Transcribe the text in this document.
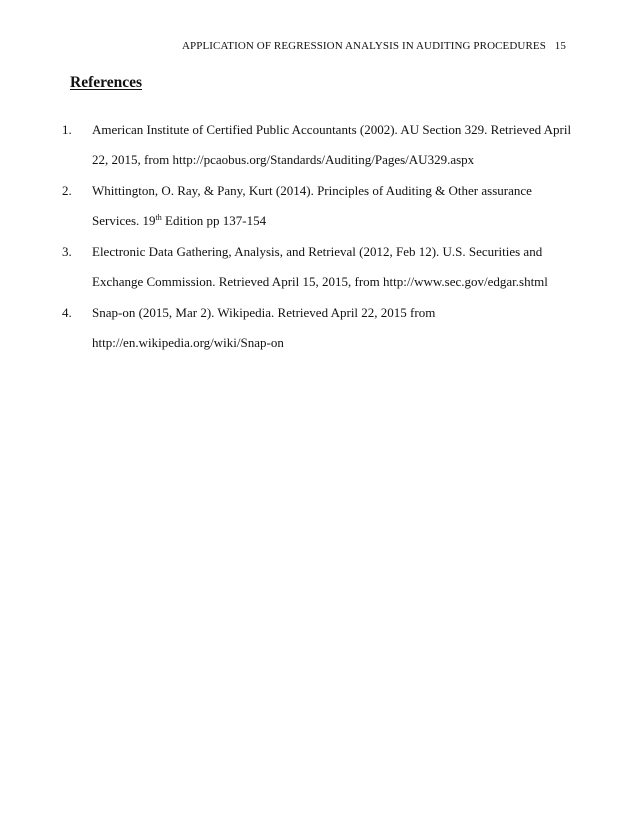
APPLICATION OF REGRESSION ANALYSIS IN AUDITING PROCEDURES 15
References
1. American Institute of Certified Public Accountants (2002). AU Section 329. Retrieved April
22, 2015, from http://pcaobus.org/Standards/Auditing/Pages/AU329.aspx
2. Whittington, O. Ray, & Pany, Kurt (2014). Principles of Auditing & Other assurance
Services. 19th Edition pp 137-154
3. Electronic Data Gathering, Analysis, and Retrieval (2012, Feb 12). U.S. Securities and
Exchange Commission. Retrieved April 15, 2015, from http://www.sec.gov/edgar.shtml
4. Snap-on (2015, Mar 2). Wikipedia. Retrieved April 22, 2015 from
http://en.wikipedia.org/wiki/Snap-on
